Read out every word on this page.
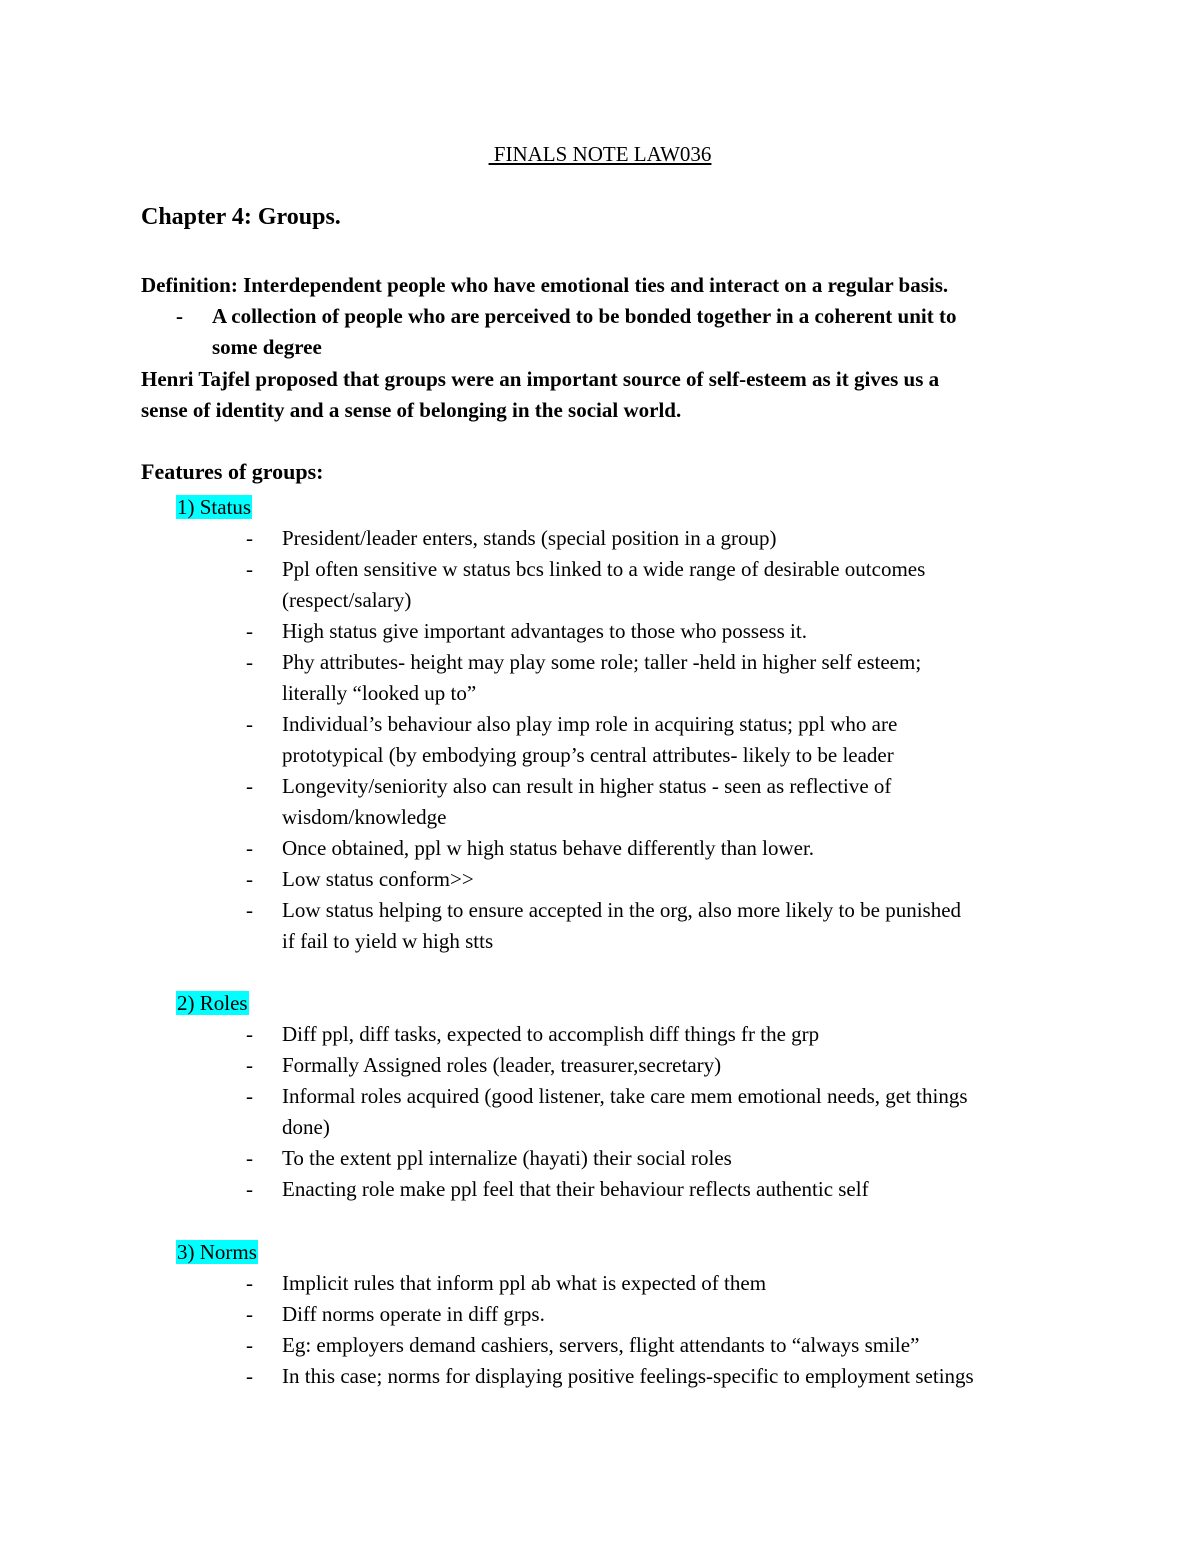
FINALS NOTE LAW036
Chapter 4: Groups.
Definition: Interdependent people who have emotional ties and interact on a regular basis.
- A collection of people who are perceived to be bonded together in a coherent unit to
some degree
Henri Tajfel proposed that groups were an important source of self-esteem as it gives us a
sense of identity and a sense of belonging in the social world.
Features of groups:
1) Status
- President/leader enters, stands (special position in a group)
- Ppl often sensitive w status bcs linked to a wide range of desirable outcomes
(respect/salary)
- High status give important advantages to those who possess it.
- Phy attributes- height may play some role; taller -held in higher self esteem;
literally “looked up to”
- Individual’s behaviour also play imp role in acquiring status; ppl who are
prototypical (by embodying group’s central attributes- likely to be leader
- Longevity/seniority also can result in higher status - seen as reflective of
wisdom/knowledge
- Once obtained, ppl w high status behave differently than lower.
- Low status conform>>
- Low status helping to ensure accepted in the org, also more likely to be punished
if fail to yield w high stts
2) Roles
- Diff ppl, diff tasks, expected to accomplish diff things fr the grp
- Formally Assigned roles (leader, treasurer,secretary)
- Informal roles acquired (good listener, take care mem emotional needs, get things
done)
- To the extent ppl internalize (hayati) their social roles
- Enacting role make ppl feel that their behaviour reflects authentic self
3) Norms
- Implicit rules that inform ppl ab what is expected of them
- Diff norms operate in diff grps.
- Eg: employers demand cashiers, servers, flight attendants to “always smile”
- In this case; norms for displaying positive feelings-specific to employment setings
